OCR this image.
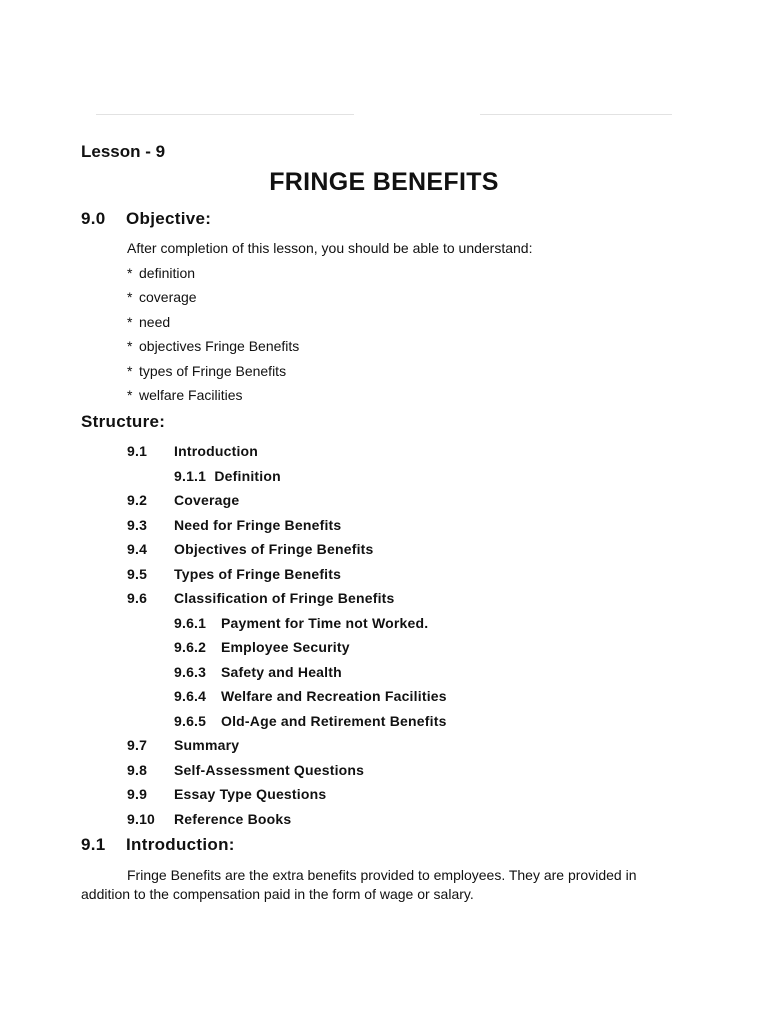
Lesson - 9
FRINGE BENEFITS
9.0 Objective:
After completion of this lesson, you should be able to understand:
* definition
* coverage
* need
* objectives Fringe Benefits
* types of Fringe Benefits
* welfare Facilities
Structure:
9.1 Introduction
9.1.1 Definition
9.2 Coverage
9.3 Need for Fringe Benefits
9.4 Objectives of Fringe Benefits
9.5 Types of Fringe Benefits
9.6 Classification of Fringe Benefits
9.6.1 Payment for Time not Worked.
9.6.2 Employee Security
9.6.3 Safety and Health
9.6.4 Welfare and Recreation Facilities
9.6.5 Old-Age and Retirement Benefits
9.7 Summary
9.8 Self-Assessment Questions
9.9 Essay Type Questions
9.10 Reference Books
9.1 Introduction:

Fringe Benefits are the extra benefits provided to employees. They are provided in addition to the compensation paid in the form of wage or salary.
